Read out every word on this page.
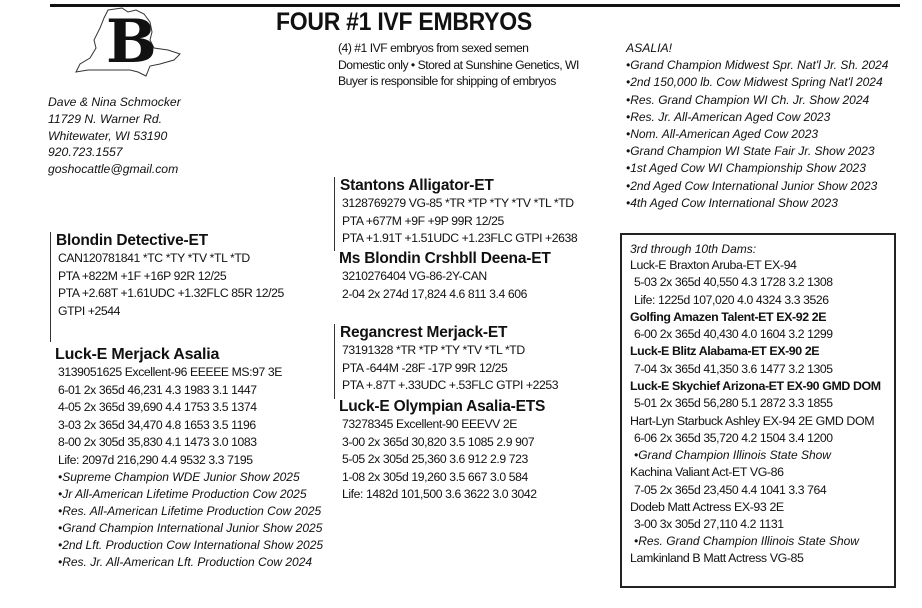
B	FOUR #1 IVF EMBRYOS
(4) #1 IVF embryos from sexed semen
Domestic only • Stored at Sunshine Genetics, WI
Buyer is responsible for shipping of embryos
Dave & Nina Schmocker
11729 N. Warner Rd.
Whitewater, WI 53190
920.723.1557
goshocattle@gmail.com
Blondin Detective-ET
CAN120781841 *TC *TY *TV *TL *TD
PTA +822M +1F +16P 92R 12/25
PTA +2.68T +1.61UDC +1.32FLC 85R 12/25
GTPI +2544
Luck-E Merjack Asalia
3139051625 Excellent-96 EEEEE MS:97 3E
6-01 2x 365d 46,231 4.3 1983 3.1 1447
4-05 2x 365d 39,690 4.4 1753 3.5 1374
3-03 2x 365d 34,470 4.8 1653 3.5 1196
8-00 2x 305d 35,830 4.1 1473 3.0 1083
Life: 2097d 216,290 4.4 9532 3.3 7195
•Supreme Champion WDE Junior Show 2025
•Jr All-American Lifetime Production Cow 2025
•Res. All-American Lifetime Production Cow 2025
•Grand Champion International Junior Show 2025
•2nd Lft. Production Cow International Show 2025
•Res. Jr. All-American Lft. Production Cow 2024
Stantons Alligator-ET
3128769279 VG-85 *TR *TP *TY *TV *TL *TD
PTA +677M +9F +9P 99R 12/25
PTA +1.91T +1.51UDC +1.23FLC GTPI +2638
Ms Blondin Crshbll Deena-ET
3210276404 VG-86-2Y-CAN
2-04 2x 274d 17,824 4.6 811 3.4 606
Regancrest Merjack-ET
73191328 *TR *TP *TY *TV *TL *TD
PTA -644M -28F -17P 99R 12/25
PTA +.87T +.33UDC +.53FLC GTPI +2253
Luck-E Olympian Asalia-ETS
73278345 Excellent-90 EEEVV 2E
3-00 2x 365d 30,820 3.5 1085 2.9 907
5-05 2x 305d 25,360 3.6 912 2.9 723
1-08 2x 305d 19,260 3.5 667 3.0 584
Life: 1482d 101,500 3.6 3622 3.0 3042
ASALIA!
•Grand Champion Midwest Spr. Nat'l Jr. Sh. 2024
•2nd 150,000 lb. Cow Midwest Spring Nat'l 2024
•Res. Grand Champion WI Ch. Jr. Show 2024
•Res. Jr. All-American Aged Cow 2023
•Nom. All-American Aged Cow 2023
•Grand Champion WI State Fair Jr. Show 2023
•1st Aged Cow WI Championship Show 2023
•2nd Aged Cow International Junior Show 2023
•4th Aged Cow International Show 2023
3rd through 10th Dams:
Luck-E Braxton Aruba-ET EX-94
5-03 2x 365d 40,550 4.3 1728 3.2 1308
Life: 1225d 107,020 4.0 4324 3.3 3526
Golfing Amazen Talent-ET EX-92 2E
6-00 2x 365d 40,430 4.0 1604 3.2 1299
Luck-E Blitz Alabama-ET EX-90 2E
7-04 3x 365d 41,350 3.6 1477 3.2 1305
Luck-E Skychief Arizona-ET EX-90 GMD DOM
5-01 2x 365d 56,280 5.1 2872 3.3 1855
Hart-Lyn Starbuck Ashley EX-94 2E GMD DOM
6-06 2x 365d 35,720 4.2 1504 3.4 1200
•Grand Champion Illinois State Show
Kachina Valiant Act-ET VG-86
7-05 2x 365d 23,450 4.4 1041 3.3 764
Dodeb Matt Actress EX-93 2E
3-00 3x 305d 27,110 4.2 1131
•Res. Grand Champion Illinois State Show
Lamkinland B Matt Actress VG-85
